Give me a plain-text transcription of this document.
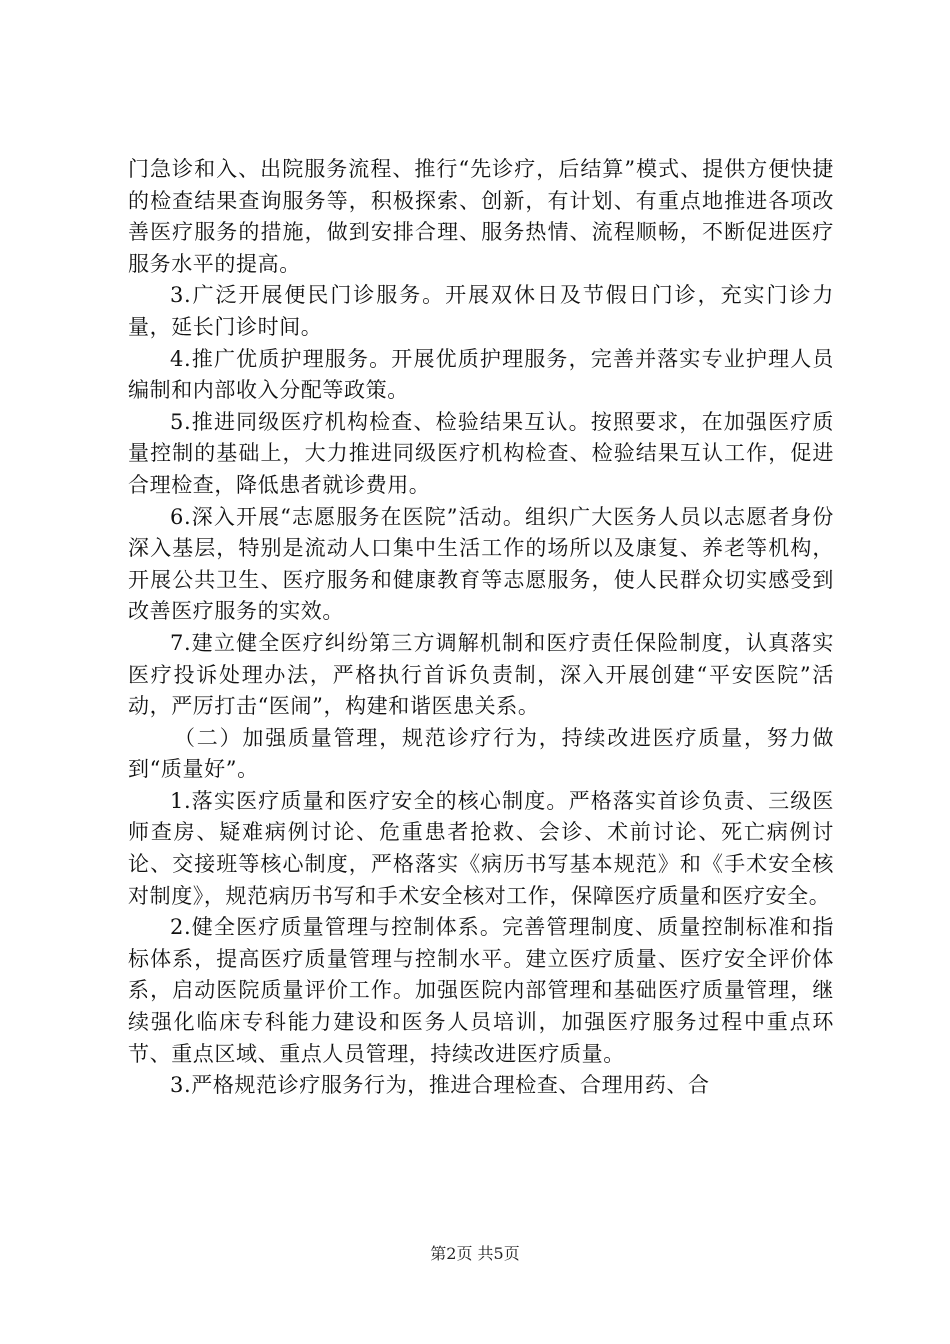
门急诊和入、出院服务流程、推行“先诊疗，后结算”模式、提供方便快捷的检查结果查询服务等，积极探索、创新，有计划、有重点地推进各项改善医疗服务的措施，做到安排合理、服务热情、流程顺畅，不断促进医疗服务水平的提高。

3.广泛开展便民门诊服务。开展双休日及节假日门诊，充实门诊力量，延长门诊时间。

4.推广优质护理服务。开展优质护理服务，完善并落实专业护理人员编制和内部收入分配等政策。

5.推进同级医疗机构检查、检验结果互认。按照要求，在加强医疗质量控制的基础上，大力推进同级医疗机构检查、检验结果互认工作，促进合理检查，降低患者就诊费用。

6.深入开展“志愿服务在医院”活动。组织广大医务人员以志愿者身份深入基层，特别是流动人口集中生活工作的场所以及康复、养老等机构，开展公共卫生、医疗服务和健康教育等志愿服务，使人民群众切实感受到改善医疗服务的实效。

7.建立健全医疗纠纷第三方调解机制和医疗责任保险制度，认真落实医疗投诉处理办法，严格执行首诉负责制，深入开展创建“平安医院”活动，严厉打击“医闹”，构建和谐医患关系。

（二）加强质量管理，规范诊疗行为，持续改进医疗质量，努力做到“质量好”。

1.落实医疗质量和医疗安全的核心制度。严格落实首诊负责、三级医师查房、疑难病例讨论、危重患者抢救、会诊、术前讨论、死亡病例讨论、交接班等核心制度，严格落实《病历书写基本规范》和《手术安全核对制度》，规范病历书写和手术安全核对工作，保障医疗质量和医疗安全。

2.健全医疗质量管理与控制体系。完善管理制度、质量控制标准和指标体系，提高医疗质量管理与控制水平。建立医疗质量、医疗安全评价体系，启动医院质量评价工作。加强医院内部管理和基础医疗质量管理，继续强化临床专科能力建设和医务人员培训，加强医疗服务过程中重点环节、重点区域、重点人员管理，持续改进医疗质量。

3.严格规范诊疗服务行为，推进合理检查、合理用药、合

第2页 共5页
